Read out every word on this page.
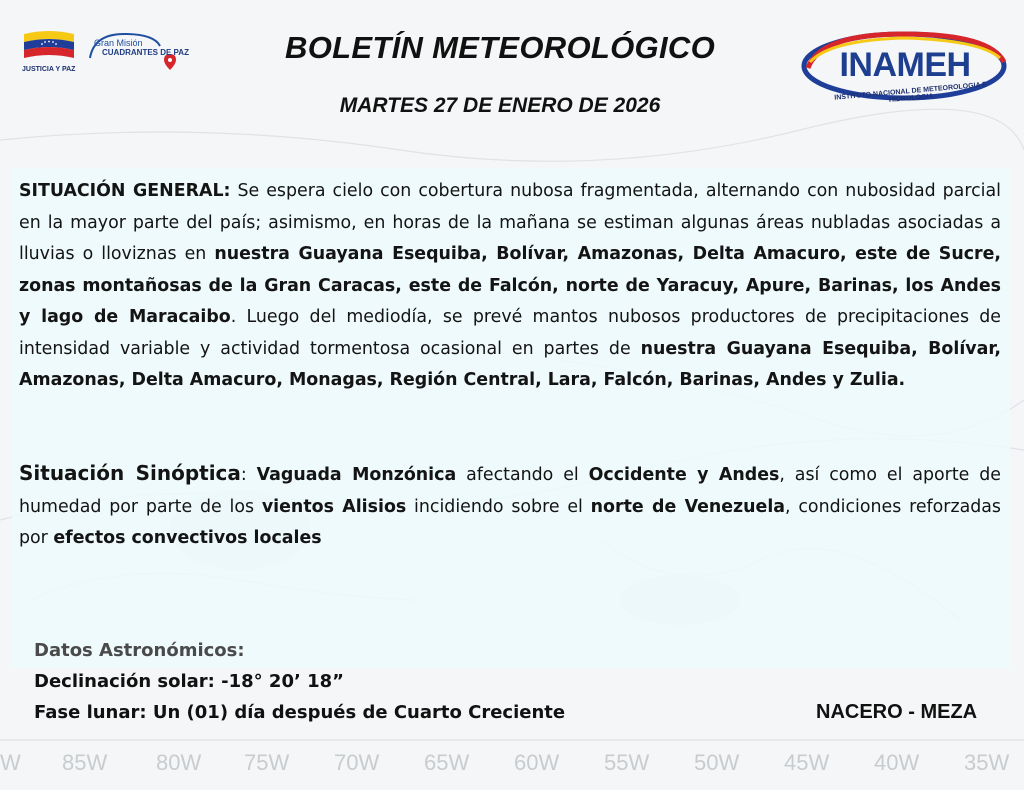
JUSTICIA Y PAZ
Gran Misión
CUADRANTES DE PAZ	BOLETÍN METEOROLÓGICO
MARTES 27 DE ENERO DE 2026
INAMEH
INSTITUTO NACIONAL DE METEOROLOGIA E HIDROLOGIA
SITUACIÓN GENERAL: Se espera cielo con cobertura nubosa fragmentada, alternando con nubosidad parcial en la mayor parte del país; asimismo, en horas de la mañana se estiman algunas áreas nubladas asociadas a lluvias o lloviznas en nuestra Guayana Esequiba, Bolívar, Amazonas, Delta Amacuro, este de Sucre, zonas montañosas de la Gran Caracas, este de Falcón, norte de Yaracuy, Apure, Barinas, los Andes y lago de Maracaibo. Luego del mediodía, se prevé mantos nubosos productores de precipitaciones de intensidad variable y actividad tormentosa ocasional en partes de nuestra Guayana Esequiba, Bolívar, Amazonas, Delta Amacuro, Monagas, Región Central, Lara, Falcón, Barinas, Andes y Zulia.
Situación Sinóptica: Vaguada Monzónica afectando el Occidente y Andes, así como el aporte de humedad por parte de los vientos Alisios incidiendo sobre el norte de Venezuela, condiciones reforzadas por efectos convectivos locales
Datos Astronómicos:
Declinación solar: -18° 20’ 18”
Fase lunar: Un (01) día después de Cuarto Creciente	NACERO - MEZA
W 85W 80W 75W 70W 65W 60W 55W 50W 45W 40W 35W
